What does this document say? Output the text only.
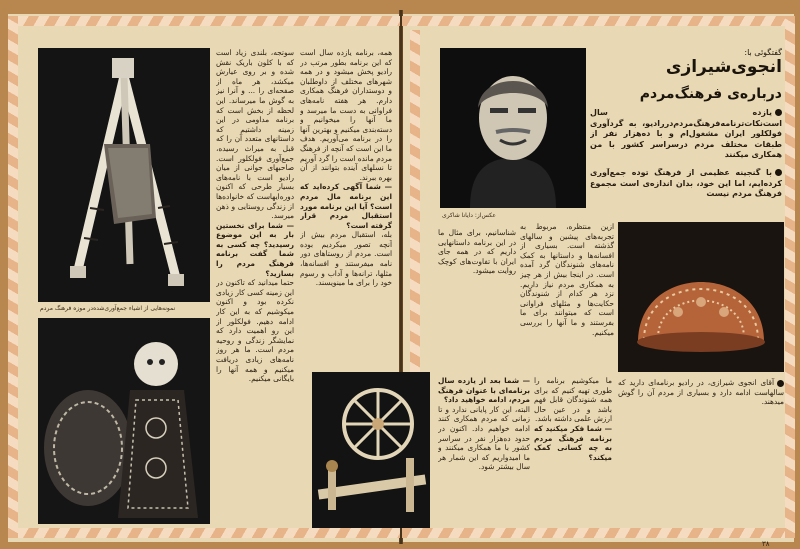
نمونه‌هایی از اشیاء جمع‌آوری‌شده‌در موزه فرهنگ مردم
سوتجه، بلندی زیاد است که با کلون باریک نقش شده و بر روی عیارش میکشد، هر ماه از صفحه‌ای را ... و آنرا نیز به گوش ما میرساند. این لحظه از بخش است که برنامه مداومی در این زمینه داشتیم که داستانهای متعدد آن را که قبل به میراث رسیده، جمع‌آوری فولکلور است. صاحبهای جوانی از میان رادیو است با نامه‌های بسیار طرحی که اکنون دوره‌ایهاست که خانواده‌ها از زندگی روستایی و ذهن میرسد.
— شما برای نخستین بار به این موضوع رسیدید؟ چه کسی به شما گفت برنامه فرهنگ مردم را بسازید؟
حتما میدانید که تاکنون در این زمینه کسی کار زیادی نکرده بود و اکنون میکوشیم که به این کار ادامه دهیم. فولکلور از این رو اهمیت دارد که نمایشگر زندگی و روحیه مردم است. ما هر روز نامه‌های زیادی دریافت میکنیم و همه آنها را بایگانی میکنیم.
همه، برنامه یازده سال است که این برنامه بطور مرتب در رادیو پخش میشود و در همه شهرهای مختلف از داوطلبان و دوستداران فرهنگ همکاری دارم. هر هفته نامه‌های فراوانی به دست ما میرسد و ما آنها را میخوانیم و دسته‌بندی میکنیم و بهترین آنها را در برنامه می‌آوریم. هدف ما این است که آنچه از فرهنگ مردم مانده است را گرد آوریم تا نسلهای آینده بتوانند از آن بهره ببرند.
— شما آگهی کرده‌اید که این برنامه مال مردم است؟ آیا این برنامه مورد استقبال مردم قرار گرفته است؟
بله، استقبال مردم بیش از آنچه تصور میکردیم بوده است. مردم از روستاهای دور نامه میفرستند و افسانه‌ها، مثلها، ترانه‌ها و آداب و رسوم خود را برای ما مینویسند.
گفتگوئی با:
انجوی‌شیرازی
درباره‌ی فرهنگ‌مردم
یازده سال است‌نکات‌ترنامه‌فرهنگ‌مردم‌در‌رادیو، به گرد‌آوری فولکلور ایران مشغول‌ام و با ده‌هزار نفر از طبقات مختلف مردم در‌سراسر کشور با من همکاری میکنند
با گنجینه عظیمی از فرهنگ توده جمع‌آوری کرده‌ایم، اما این خود، بدان اندازه‌ی است مجموع فرهنگ مردم نیست
عکس‌از: دایانا شاکری
ازین منتظره، مربوط به تجربه‌های پیشین و سالهای گذشته است. بسیاری از افسانه‌ها و داستانها به کمک نامه‌های شنوندگان گرد آمده است. در اینجا بیش از هر چیز به همکاری مردم نیاز داریم. نزد هر کدام از شنوندگان حکایت‌ها و مثلهای فراوانی است که میتوانند برای ما بفرستند و ما آنها را بررسی میکنیم.
شناسانیم، برای مثال ما در این برنامه داستانهایی داریم که در همه جای ایران با تفاوت‌های کوچک روایت میشود.
— شما بعد از یازده سال برنامه‌ای با عنوان فرهنگ مردم، ادامه خواهید داد؟
البته، این کار پایانی ندارد و تا زمانی که مردم همکاری کنند ادامه خواهیم داد. اکنون در حدود ده‌هزار نفر در سراسر کشور با ما همکاری میکنند و ما امیدواریم که این شمار هر سال بیشتر شود.
ما میکوشیم برنامه را طوری تهیه کنیم که برای همه شنوندگان قابل فهم باشد و در عین حال ارزش علمی داشته باشد.
— شما فکر میکنید که برنامه فرهنگ مردم به چه کسانی کمک میکند؟
آقای انجوی شیرازی، در رادیو برنامه‌ای دارید که سالهاست ادامه دارد و بسیاری از مردم آن را گوش میدهند.
۳۸
